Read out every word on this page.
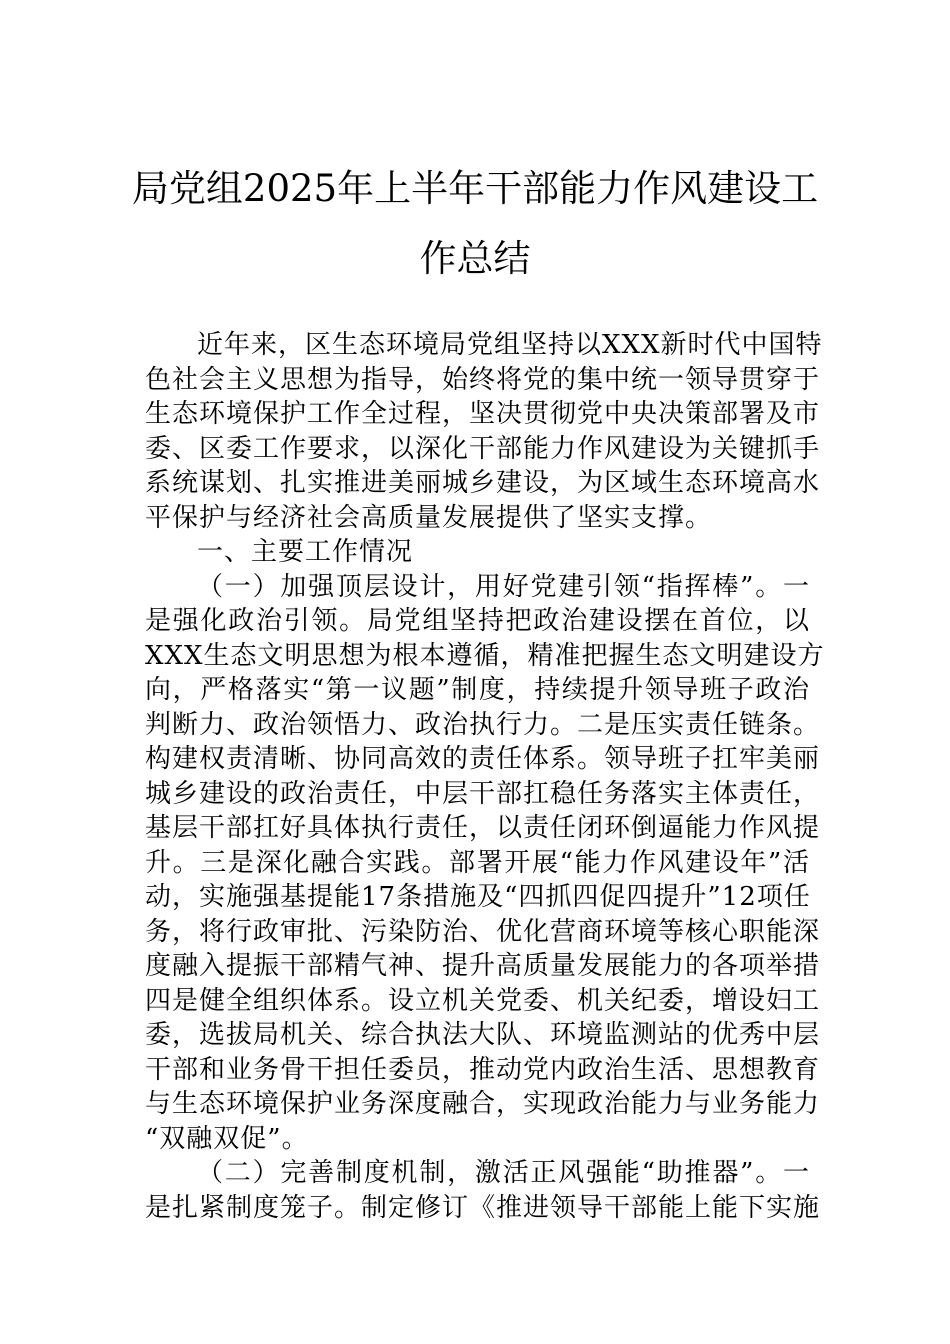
局党组2025年上半年干部能力作风建设工
作总结
近年来，区生态环境局党组坚持以XXX新时代中国特
色社会主义思想为指导，始终将党的集中统一领导贯穿于
生态环境保护工作全过程，坚决贯彻党中央决策部署及市
委、区委工作要求，以深化干部能力作风建设为关键抓手
系统谋划、扎实推进美丽城乡建设，为区域生态环境高水
平保护与经济社会高质量发展提供了坚实支撑。
一、主要工作情况
（一）加强顶层设计，用好党建引领“指挥棒”。一
是强化政治引领。局党组坚持把政治建设摆在首位，以
XXX生态文明思想为根本遵循，精准把握生态文明建设方
向，严格落实“第一议题”制度，持续提升领导班子政治
判断力、政治领悟力、政治执行力。二是压实责任链条。
构建权责清晰、协同高效的责任体系。领导班子扛牢美丽
城乡建设的政治责任，中层干部扛稳任务落实主体责任，
基层干部扛好具体执行责任，以责任闭环倒逼能力作风提
升。三是深化融合实践。部署开展“能力作风建设年”活
动，实施强基提能17条措施及“四抓四促四提升”12项任
务，将行政审批、污染防治、优化营商环境等核心职能深
度融入提振干部精气神、提升高质量发展能力的各项举措
四是健全组织体系。设立机关党委、机关纪委，增设妇工
委，选拔局机关、综合执法大队、环境监测站的优秀中层
干部和业务骨干担任委员，推动党内政治生活、思想教育
与生态环境保护业务深度融合，实现政治能力与业务能力
“双融双促”。
（二）完善制度机制，激活正风强能“助推器”。一
是扎紧制度笼子。制定修订《推进领导干部能上能下实施
